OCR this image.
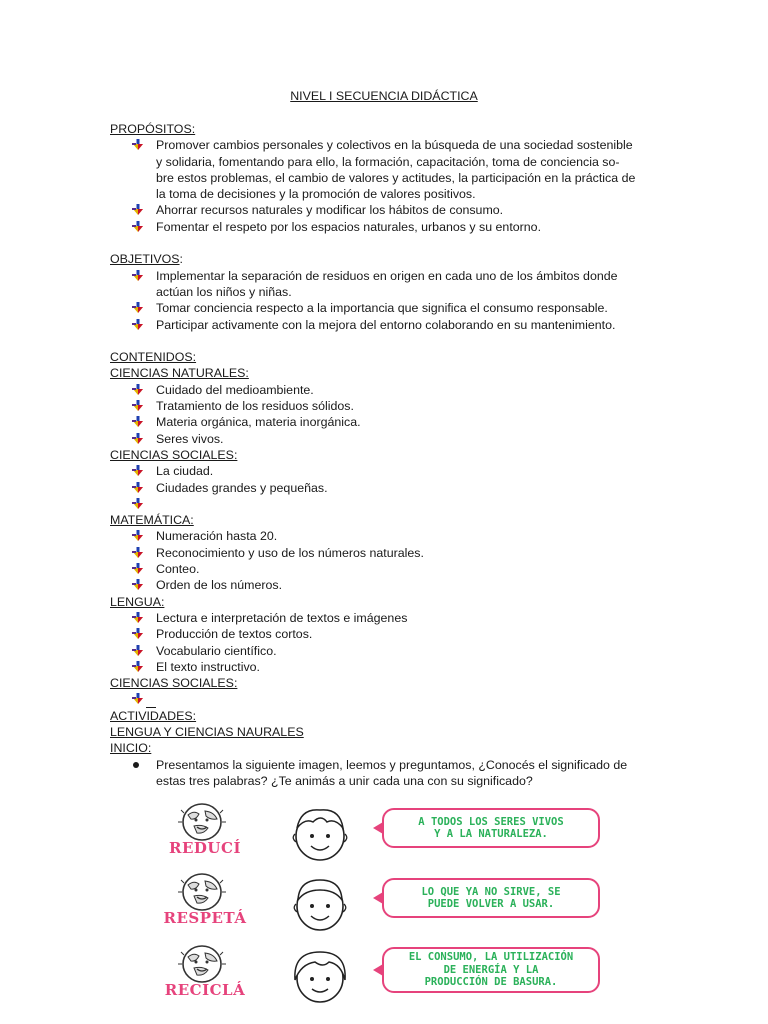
NIVEL I SECUENCIA DIDÁCTICA
PROPÓSITOS:
Promover cambios personales y colectivos en la búsqueda de una sociedad sostenible
y solidaria, fomentando para ello, la formación, capacitación, toma de conciencia so-
bre estos problemas, el cambio de valores y actitudes, la participación en la práctica de
la toma de decisiones y la promoción de valores positivos.
Ahorrar recursos naturales y modificar los hábitos de consumo.
Fomentar el respeto por los espacios naturales, urbanos y su entorno.
OBJETIVOS:
Implementar la separación de residuos en origen en cada uno de los ámbitos donde
actúan los niños y niñas.
Tomar conciencia respecto a la importancia que significa el consumo responsable.
Participar activamente con la mejora del entorno colaborando en su mantenimiento.
CONTENIDOS:
CIENCIAS NATURALES:
Cuidado del medioambiente.
Tratamiento de los residuos sólidos.
Materia orgánica, materia inorgánica.
Seres vivos.
CIENCIAS SOCIALES:
La ciudad.
Ciudades grandes y pequeñas.

MATEMÁTICA:
Numeración hasta 20.
Reconocimiento y uso de los números naturales.
Conteo.
Orden de los números.
LENGUA:
Lectura e interpretación de textos e imágenes
Producción de textos cortos.
Vocabulario científico.
El texto instructivo.
CIENCIAS SOCIALES:
ACTIVIDADES:
LENGUA Y CIENCIAS NAURALES
INICIO:
Presentamos la siguiente imagen, leemos y preguntamos, ¿Conocés el significado de
estas tres palabras? ¿Te animás a unir cada una con su significado?
REDUCÍ
A TODOS LOS SERES VIVOS
Y A LA NATURALEZA.
RESPETÁ
LO QUE YA NO SIRVE, SE
PUEDE VOLVER A USAR.
RECICLÁ
EL CONSUMO, LA UTILIZACIÓN
DE ENERGÍA Y LA
PRODUCCIÓN DE BASURA.
